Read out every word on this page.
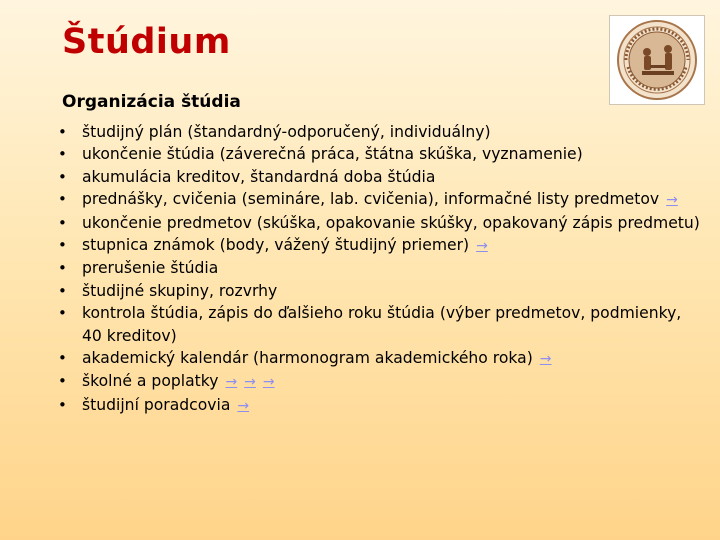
Štúdium
Organizácia štúdia
• študijný plán (štandardný-odporučený, individuálny)
• ukončenie štúdia (záverečná práca, štátna skúška, vyznamenie)
• akumulácia kreditov, štandardná doba štúdia
• prednášky, cvičenia (semináre, lab. cvičenia), informačné listy predmetov →
• ukončenie predmetov (skúška, opakovanie skúšky, opakovaný zápis predmetu)
• stupnica známok (body, vážený študijný priemer) →
• prerušenie štúdia
• študijné skupiny, rozvrhy
• kontrola štúdia, zápis do ďalšieho roku štúdia (výber predmetov, podmienky, 40 kreditov)
• akademický kalendár (harmonogram akademického roka) →
• školné a poplatky → → →
• študijní poradcovia →
